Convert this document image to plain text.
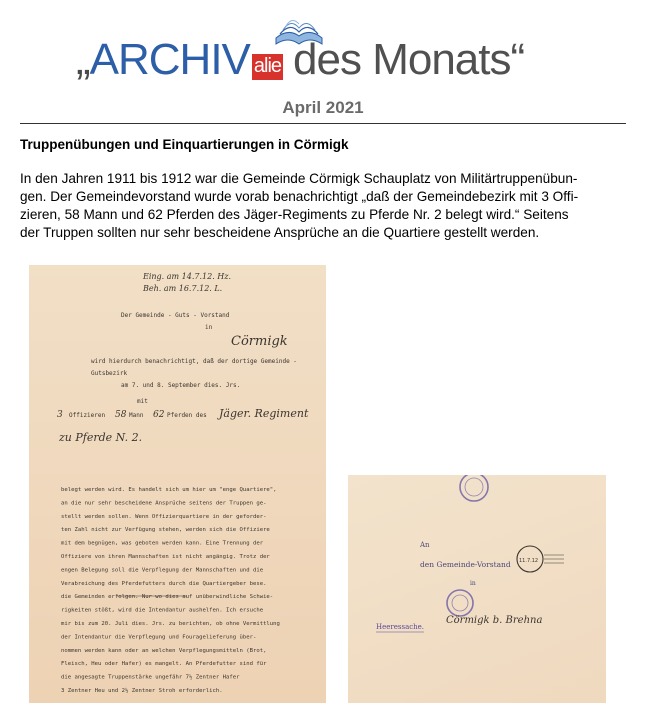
„ARCHIV alie des Monats“
April 2021
Truppenübungen und Einquartierungen in Cörmigk
In den Jahren 1911 bis 1912 war die Gemeinde Cörmigk Schauplatz von Militärtruppenübun-
gen. Der Gemeindevorstand wurde vorab benachrichtigt „daß der Gemeindebezirk mit 3 Offi-
zieren, 58 Mann und 62 Pferden des Jäger-Regiments zu Pferde Nr. 2 belegt wird.“ Seitens
der Truppen sollten nur sehr bescheidene Ansprüche an die Quartiere gestellt werden.
Eing. am 14.7.12. Hz.
Beh. am 16.7.12. L.
Der Gemeinde - Guts - Vorstand
in
Cörmigk
wird hierdurch benachrichtigt, daß der dortige Gemeinde -
Gutsbezirk
am 7. und 8. September dies. Jrs.
mit
3 Offizieren 58 Mann 62 Pferden des Jäger. Regiment
zu Pferde N. 2.
belegt werden wird. Es handelt sich um hier um "enge Quartiere",
an die nur sehr bescheidene Ansprüche seitens der Truppen ge-
stellt werden sollen. Wenn Offizierquartiere in der geforder-
ten Zahl nicht zur Verfügung stehen, werden sich die Offiziere
mit dem begnügen, was geboten werden kann. Eine Trennung der
Offiziere von ihren Mannschaften ist nicht angängig. Trotz der
engen Belegung soll die Verpflegung der Mannschaften und die
Verabreichung des Pferdefutters durch die Quartiergeber bese.
die Gemeinden erfolgen. Nur wo dies auf unüberwindliche Schwie-
rigkeiten stößt, wird die Intendantur aushelfen. Ich ersuche
mir bis zum 20. Juli dies. Jrs. zu berichten, ob ohne Vermittlung
der Intendantur die Verpflegung und Fouragelieferung über-
nommen werden kann oder an welchen Verpflegungsmitteln (Brot,
Fleisch, Heu oder Hafer) es mangelt. An Pferdefutter sind für
die angesagte Truppenstärke ungefähr 7½ Zentner Hafer
3 Zentner Heu und 2½ Zentner Stroh erforderlich.
11.7.12
An
den Gemeinde-Vorstand
in
Heeressache.
Cörmigk b. Brehna
